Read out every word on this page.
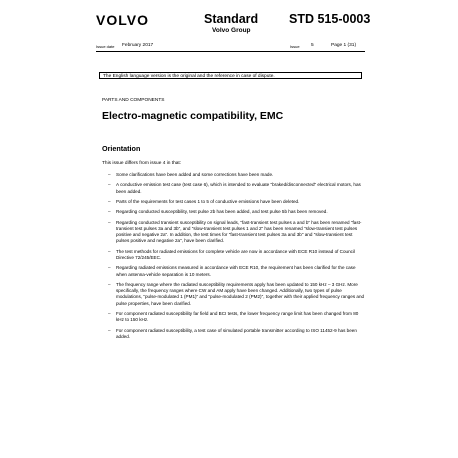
VOLVO	Standard
Volvo Group
STD 515-0003
Issue date February 2017	Issue 5	Page 1 (31)
The English language version is the original and the reference in case of dispute.
PARTS AND COMPONENTS
Electro-magnetic compatibility, EMC
Orientation
This issue differs from issue 4 in that:
– Some clarifications have been added and some corrections have been made.
– A conductive emission test case (test case 6), which is intended to evaluate "braked/disconnected" electrical motors, has been added.
– Parts of the requirements for test cases 1 to 5 of conductive emissions have been deleted.
– Regarding conducted susceptibility, test pulse 2b has been added, and test pulse 5b has been removed.
– Regarding conducted transient susceptibility on signal leads, "fast-transient test pulses a and b" has been renamed "fast-transient test pulses 3a and 3b", and "slow-transient test pulses 1 and 2" has been renamed "slow-transient test pulses positive and negative 2a". In addition, the test times for "fast-transient test pulses 3a and 3b" and "slow-transient test pulses positive and negative 2a", have been clarified.
– The test methods for radiated emissions for complete vehicle are now in accordance with ECE R10 instead of Council Directive 72/245/EEC.
– Regarding radiated emissions measured in accordance with ECE R10, the requirement has been clarified for the case when antenna-vehicle separation is 10 meters.
– The frequency range where the radiated susceptibility requirements apply has been updated to 150 kHz – 3 GHz. More specifically, the frequency ranges where CW and AM apply have been changed. Additionally, two types of pulse modulations, "pulse-modulated 1 (PM1)" and "pulse-modulated 2 (PM2)", together with their applied frequency ranges and pulse properties, have been clarified.
– For component radiated susceptibility far field and BCI tests, the lower frequency range limit has been changed from 80 kHz to 150 kHz.
– For component radiated susceptibility, a test case of simulated portable transmitter according to ISO 11452-9 has been added.
